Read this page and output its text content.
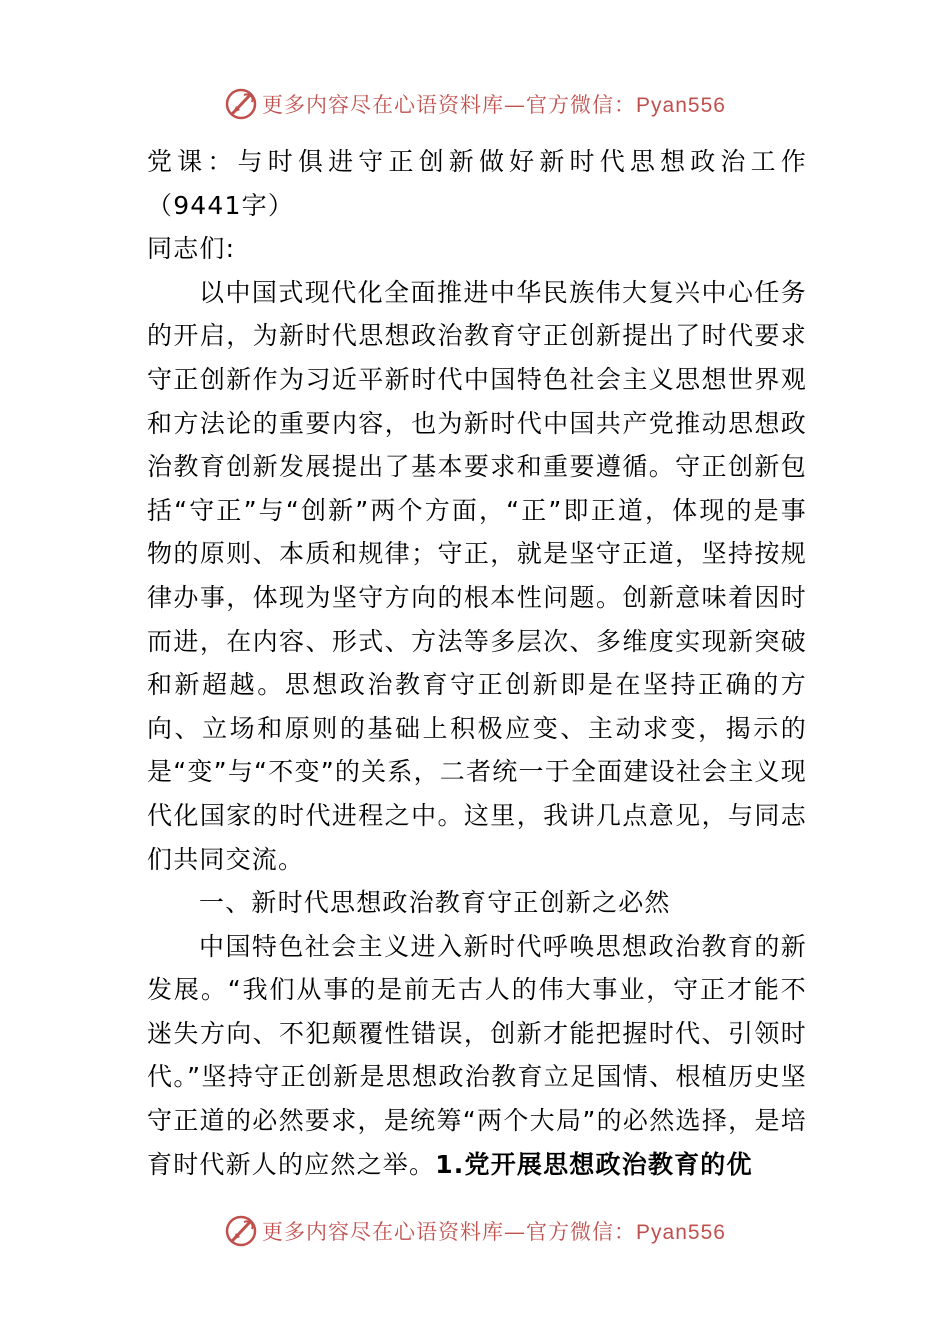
更多内容尽在心语资料库—官方微信：Pyan556

党课：与时俱进守正创新做好新时代思想政治工作（9441字）

同志们:

以中国式现代化全面推进中华民族伟大复兴中心任务的开启，为新时代思想政治教育守正创新提出了时代要求守正创新作为习近平新时代中国特色社会主义思想世界观和方法论的重要内容，也为新时代中国共产党推动思想政治教育创新发展提出了基本要求和重要遵循。守正创新包括“守正”与“创新”两个方面，“正”即正道，体现的是事物的原则、本质和规律；守正，就是坚守正道，坚持按规律办事，体现为坚守方向的根本性问题。创新意味着因时而进，在内容、形式、方法等多层次、多维度实现新突破和新超越。思想政治教育守正创新即是在坚持正确的方向、立场和原则的基础上积极应变、主动求变，揭示的是“变”与“不变”的关系，二者统一于全面建设社会主义现代化国家的时代进程之中。这里，我讲几点意见，与同志们共同交流。

一、新时代思想政治教育守正创新之必然

中国特色社会主义进入新时代呼唤思想政治教育的新发展。“我们从事的是前无古人的伟大事业，守正才能不迷失方向、不犯颠覆性错误，创新才能把握时代、引领时代。”坚持守正创新是思想政治教育立足国情、根植历史坚守正道的必然要求，是统筹“两个大局”的必然选择，是培育时代新人的应然之举。1.党开展思想政治教育的优

更多内容尽在心语资料库—官方微信：Pyan556
